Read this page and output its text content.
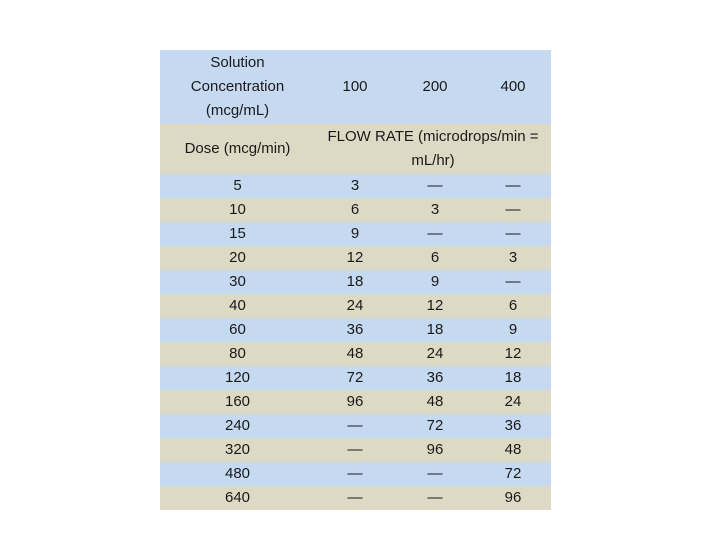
Solution
Concentration
(mcg/mL)	100	200	400
Dose (mcg/min)	FLOW RATE (microdrops/min =
mL/hr)		
5	3	—	—
10	6	3	—
15	9	—	—
20	12	6	3
30	18	9	—
40	24	12	6
60	36	18	9
80	48	24	12
120	72	36	18
160	96	48	24
240	—	72	36
320	—	96	48
480	—	—	72
640	—	—	96
